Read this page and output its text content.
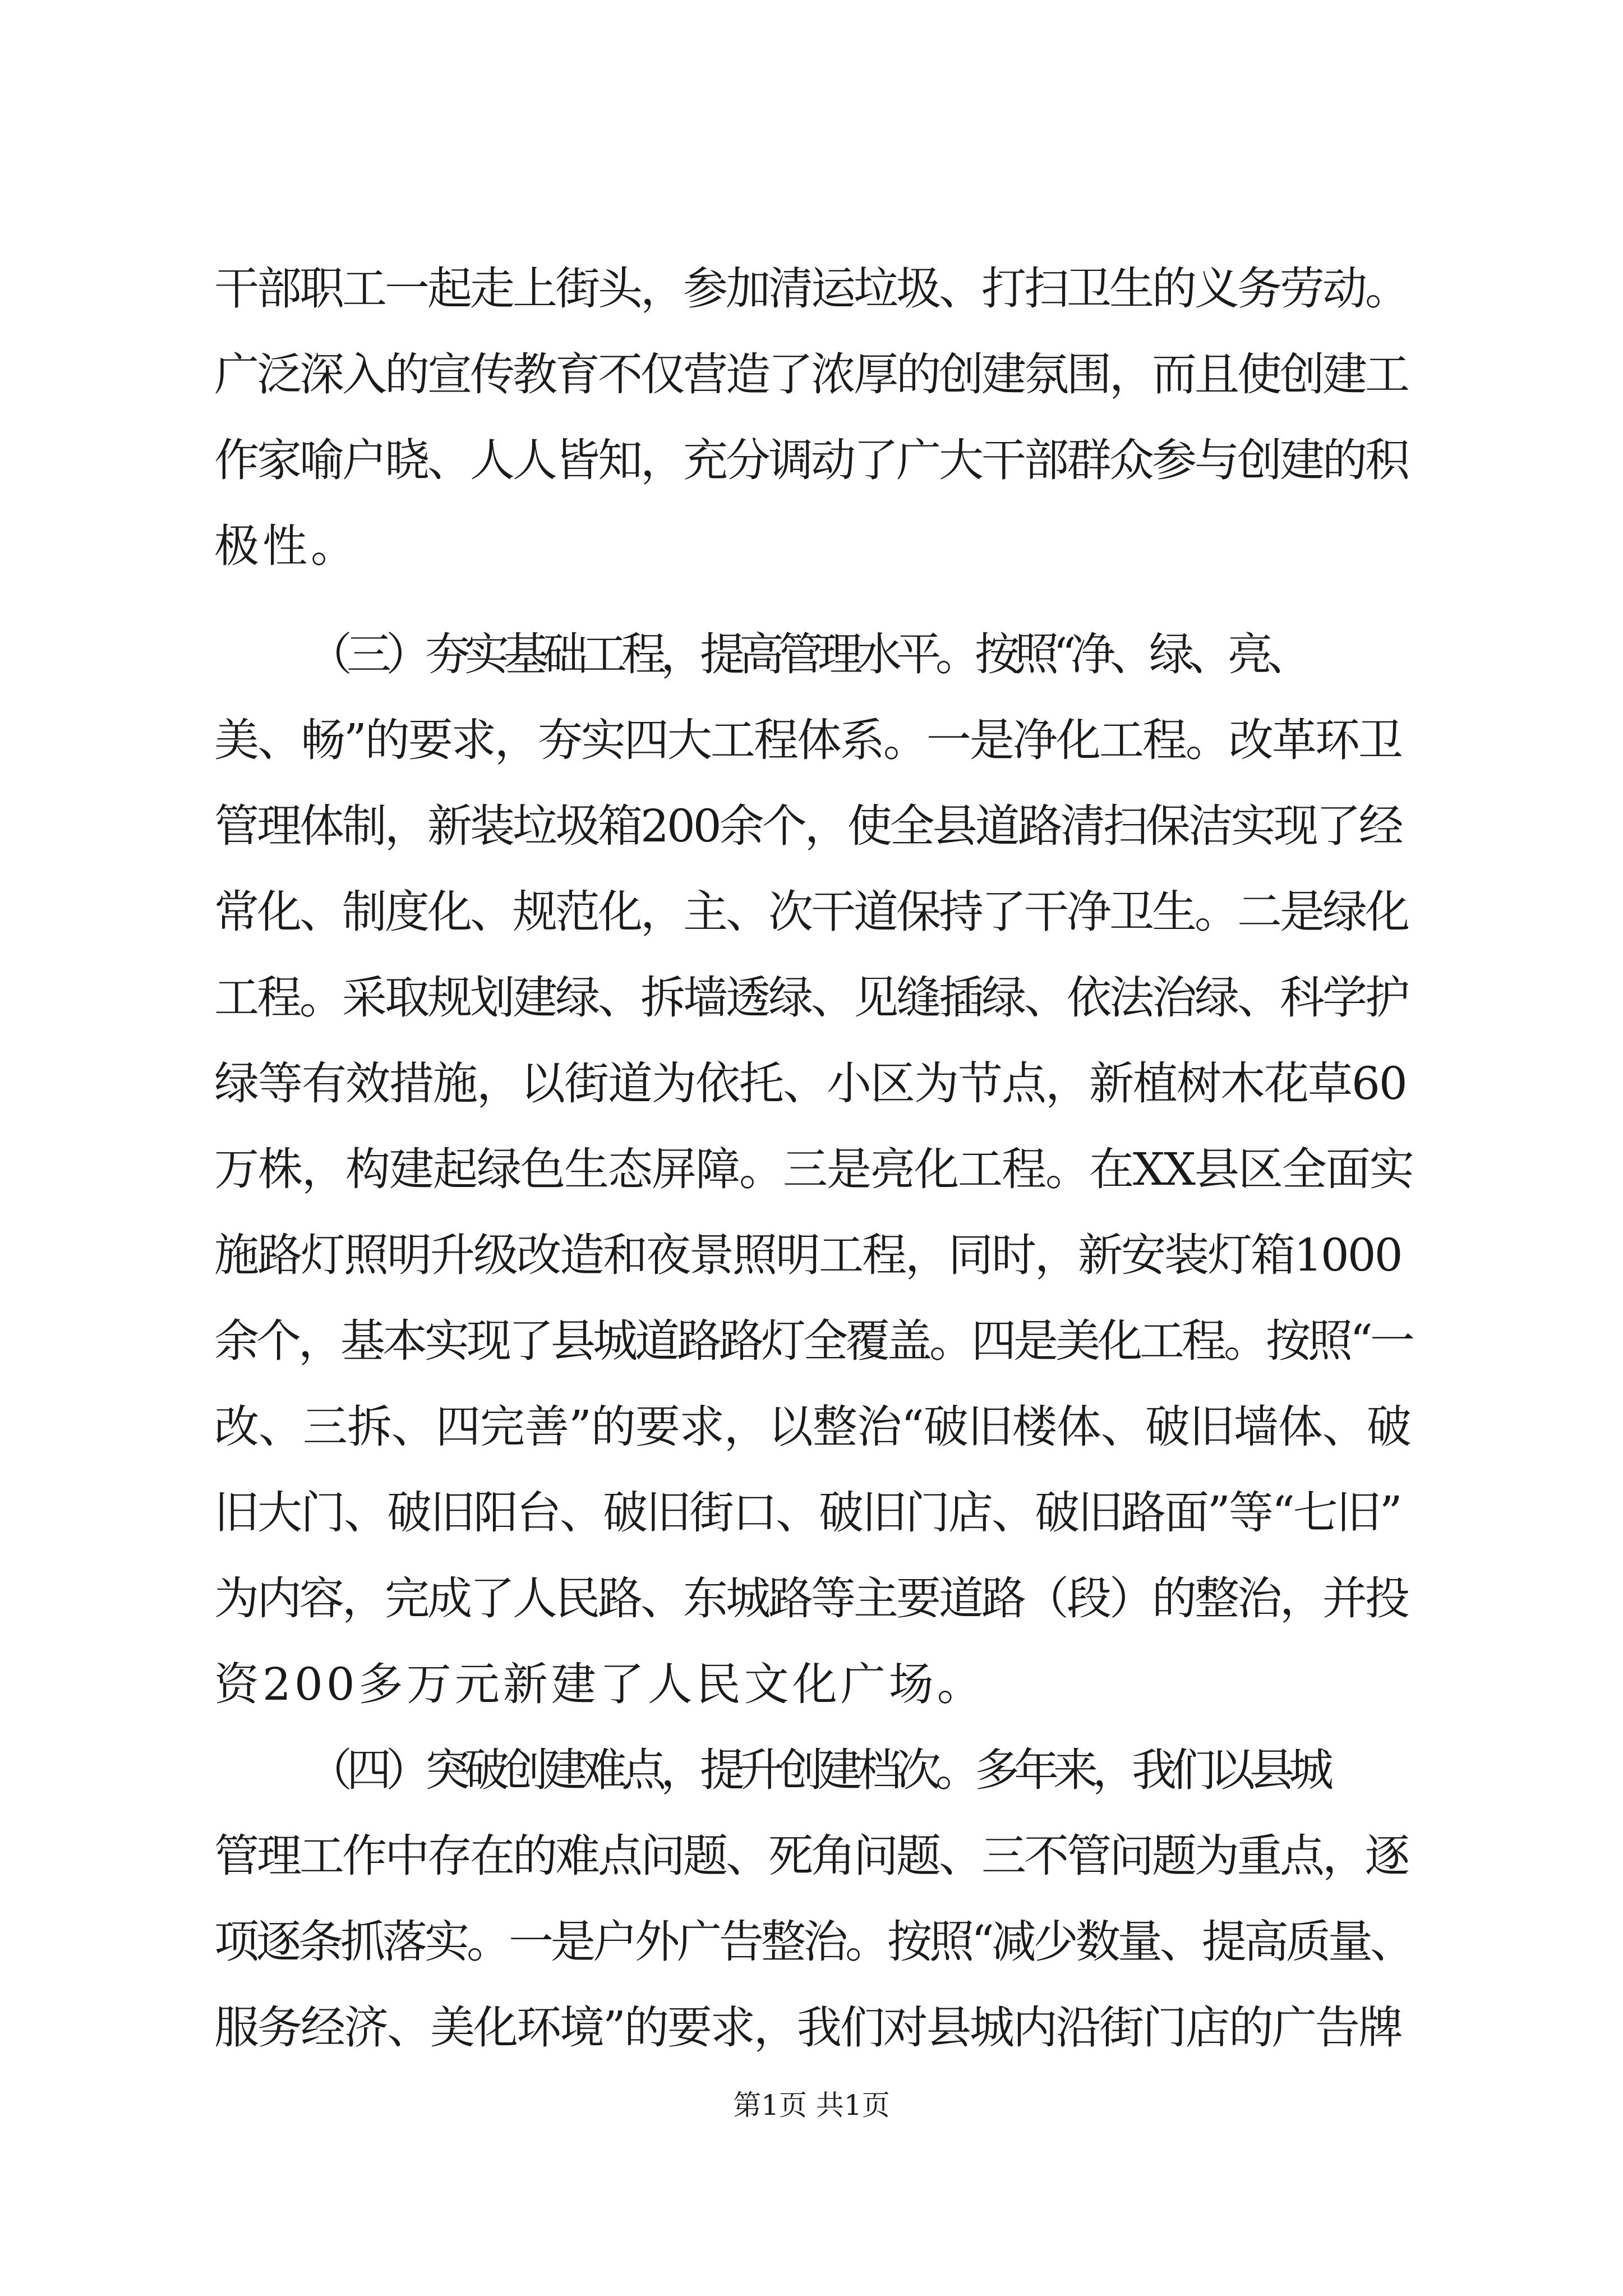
干部职工一起走上街头，参加清运垃圾、打扫卫生的义务劳动。
广泛深入的宣传教育不仅营造了浓厚的创建氛围，而且使创建工
作家喻户晓、人人皆知，充分调动了广大干部群众参与创建的积
极性。
（三）夯实基础工程，提高管理水平。按照“净、绿、亮、
美、畅”的要求，夯实四大工程体系。一是净化工程。改革环卫
管理体制，新装垃圾箱200余个，使全县道路清扫保洁实现了经
常化、制度化、规范化，主、次干道保持了干净卫生。二是绿化
工程。采取规划建绿、拆墙透绿、见缝插绿、依法治绿、科学护
绿等有效措施，以街道为依托、小区为节点，新植树木花草60
万株，构建起绿色生态屏障。三是亮化工程。在XX县区全面实
施路灯照明升级改造和夜景照明工程，同时，新安装灯箱1000
余个，基本实现了县城道路路灯全覆盖。四是美化工程。按照“一
改、三拆、四完善”的要求，以整治“破旧楼体、破旧墙体、破
旧大门、破旧阳台、破旧街口、破旧门店、破旧路面”等“七旧”
为内容，完成了人民路、东城路等主要道路（段）的整治，并投
资200多万元新建了人民文化广场。
（四）突破创建难点，提升创建档次。多年来，我们以县城
管理工作中存在的难点问题、死角问题、三不管问题为重点，逐
项逐条抓落实。一是户外广告整治。按照“减少数量、提高质量、
服务经济、美化环境”的要求，我们对县城内沿街门店的广告牌
第1页 共1页
